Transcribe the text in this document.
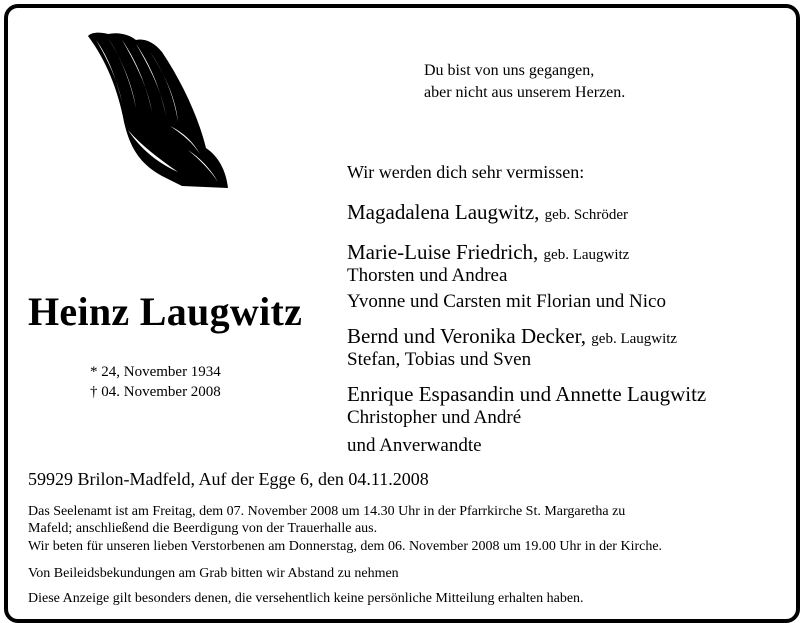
Du bist von uns gegangen,
aber nicht aus unserem Herzen.
Wir werden dich sehr vermissen:
Magadalena Laugwitz, geb. Schröder
Marie-Luise Friedrich, geb. Laugwitz
Thorsten und Andrea
Yvonne und Carsten mit Florian und Nico
Bernd und Veronika Decker, geb. Laugwitz
Stefan, Tobias und Sven
Enrique Espasandin und Annette Laugwitz
Christopher und André
und Anverwandte
Heinz Laugwitz
* 24, November 1934
† 04. November 2008
59929 Brilon-Madfeld, Auf der Egge 6, den 04.11.2008
Das Seelenamt ist am Freitag, dem 07. November 2008 um 14.30 Uhr in der Pfarrkirche St. Margaretha zu
Mafeld; anschließend die Beerdigung von der Trauerhalle aus.
Wir beten für unseren lieben Verstorbenen am Donnerstag, dem 06. November 2008 um 19.00 Uhr in der Kirche.
Von Beileidsbekundungen am Grab bitten wir Abstand zu nehmen
Diese Anzeige gilt besonders denen, die versehentlich keine persönliche Mitteilung erhalten haben.
